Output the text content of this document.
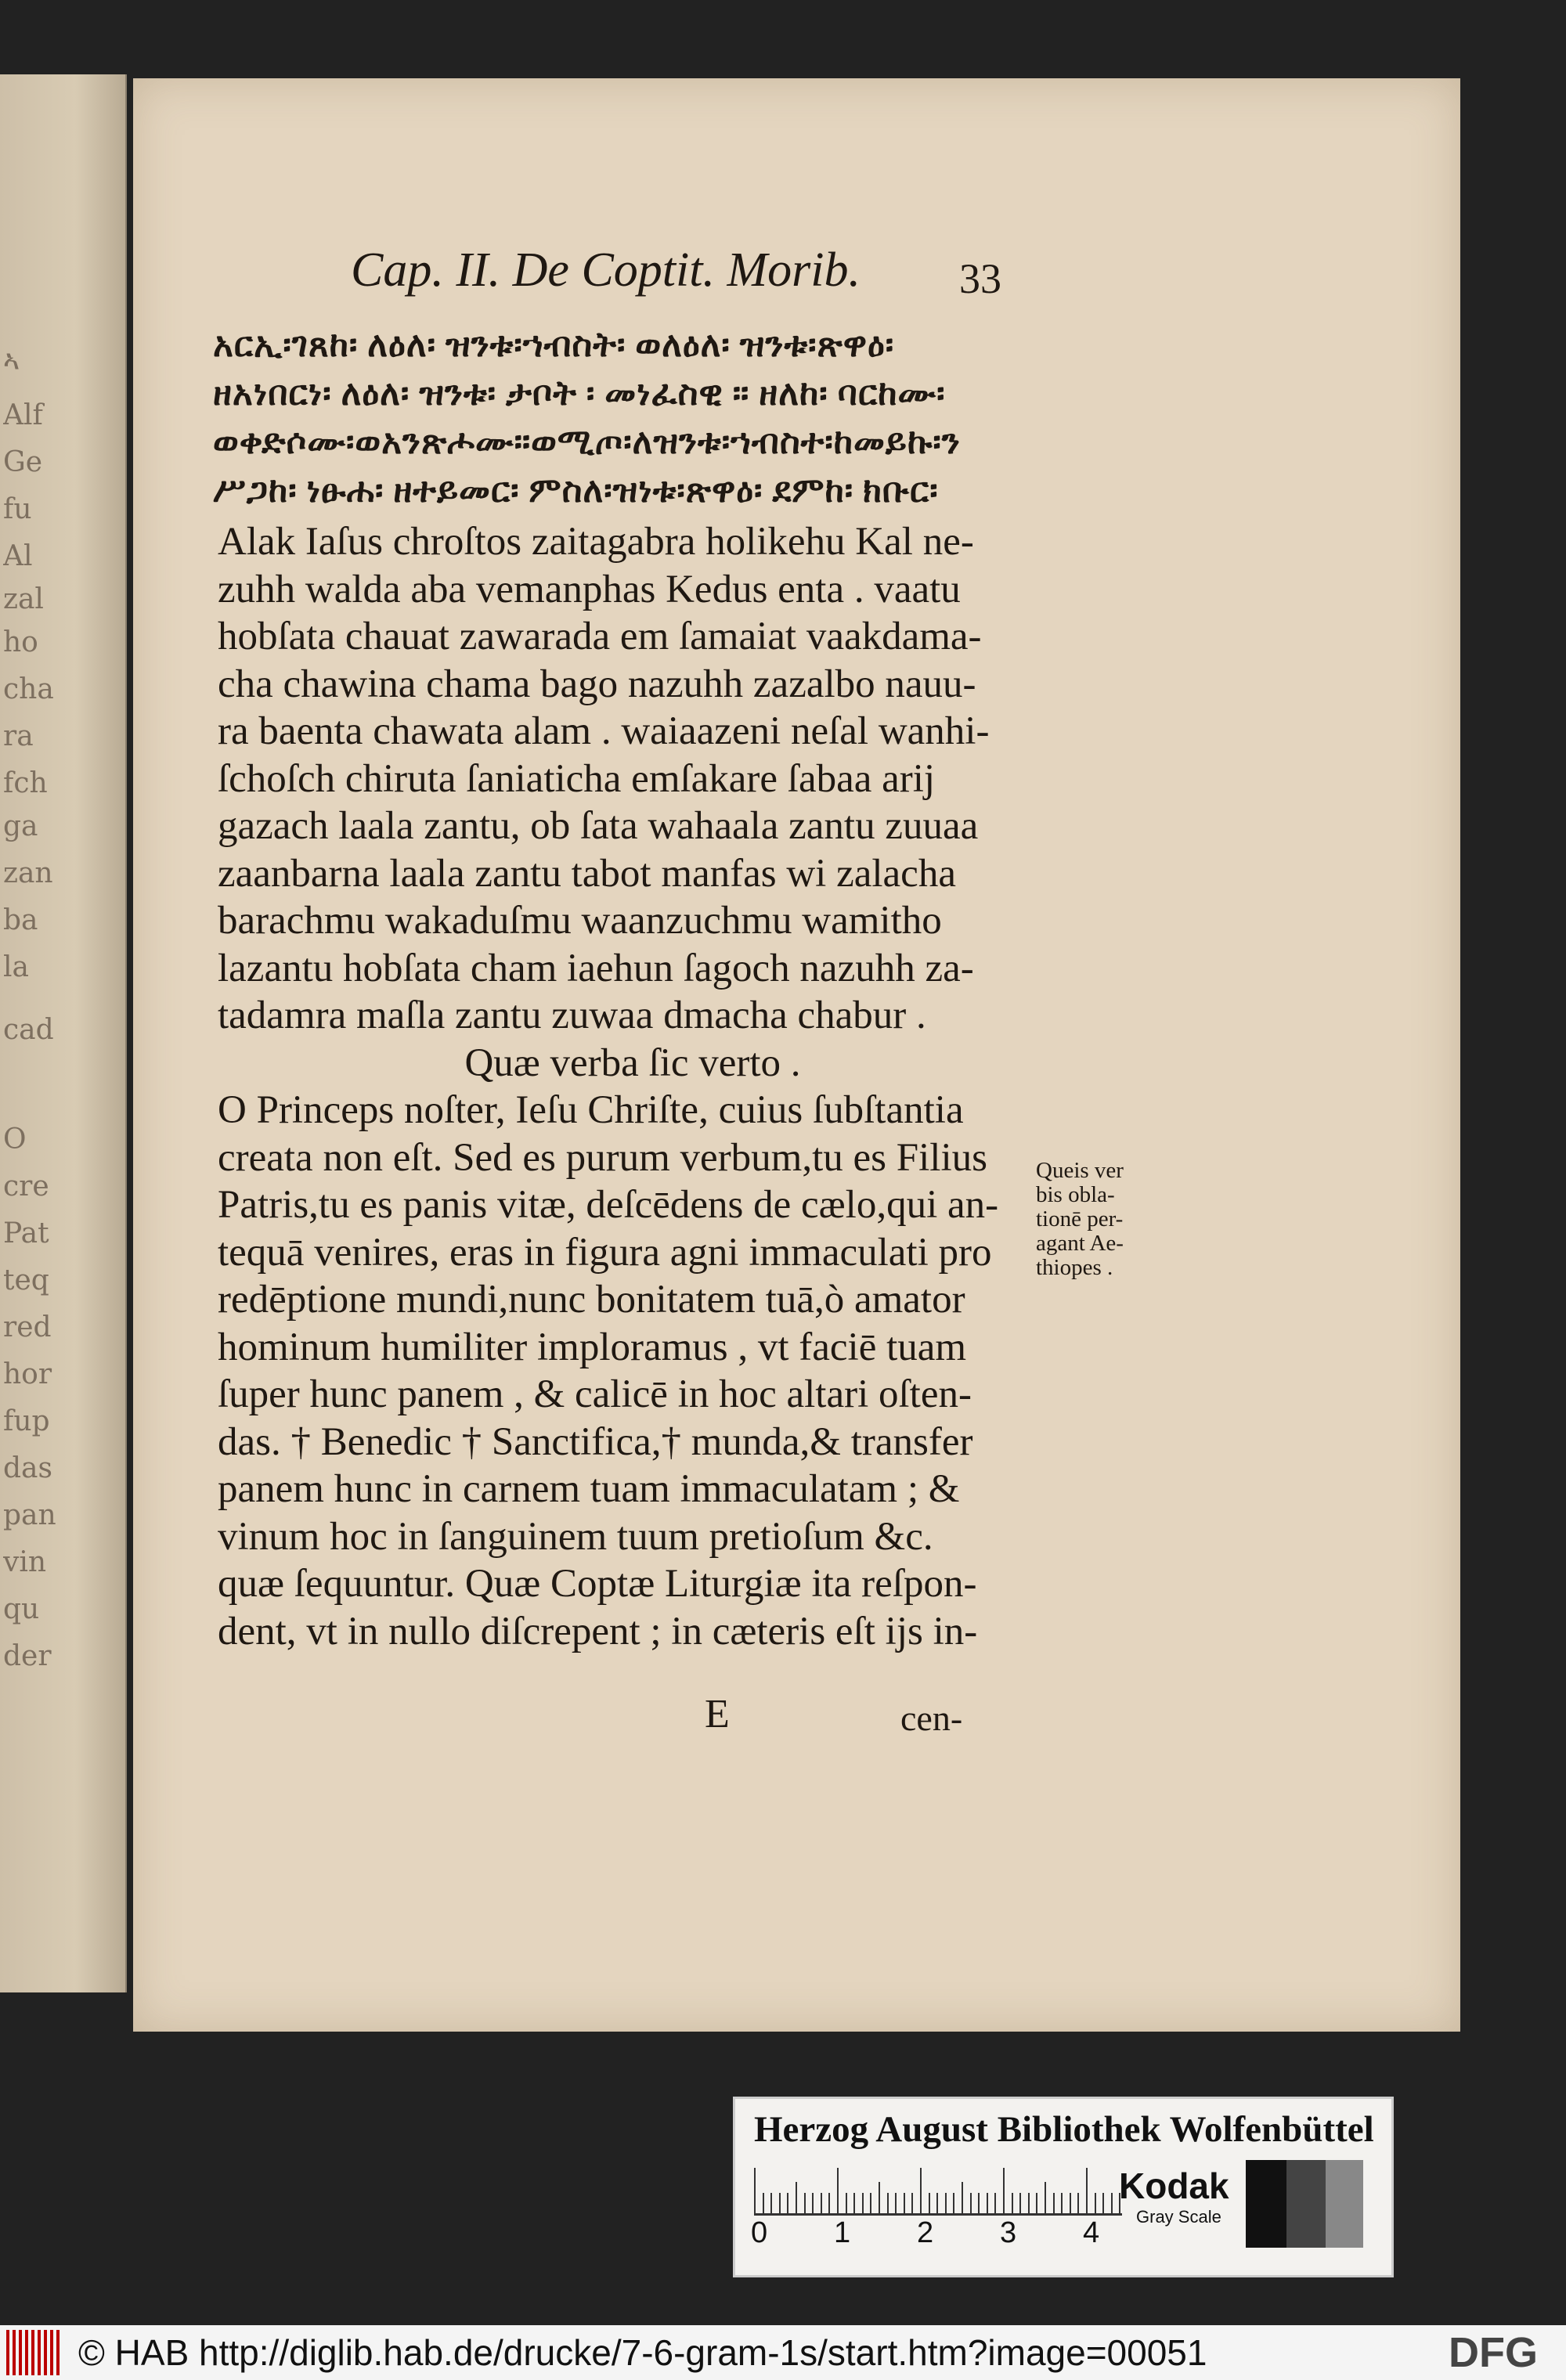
ኣ
Alf
Ge
fu
Al
zal
ho
cha
ra
fch
ga
zan
ba
la
cad
O
cre
Pat
teq
red
hor
fup
das
pan
vin
qu
der
Cap. II. De Coptit. Morib. 33
አርኢ፡ገጸከ፡ ለዕለ፡ ዝንቱ፡ኀብስት፡ ወለዕለ፡ ዝንቱ፡ጽዋዕ፡
ዘአነበርነ፡ ለዕለ፡ ዝንቱ፡ ታቦት ፡ መነፈስዊ ። ዘለከ፡ ባርከሙ፡
ወቀድሶሙ፡ወአንጽሖሙ።ወሚጦ፡ለዝንቱ፡ኀብስተ፡ከመይኩ፡ን
ሥጋከ፡ ነፁሐ፡ ዘተይመር፡ ምስለ፡ዝነቱ፡ጽዋዕ፡ ደምከ፡ ክቡር፡
Alak Iaſus chroſtos zaitagabra holikehu Kal ne-
zuhh walda aba vemanphas Kedus enta . vaatu
hobſata chauat zawarada em ſamaiat vaakdama-
cha chawina chama bago nazuhh zazalbo nauu-
ra baenta chawata alam . waiaazeni neſal wanhi-
ſchoſch chiruta ſaniaticha emſakare ſabaa arij
gazach laala zantu, ob ſata wahaala zantu zuuaa
zaanbarna laala zantu tabot manfas wi zalacha
barachmu wakaduſmu waanzuchmu wamitho
lazantu hobſata cham iaehun ſagoch nazuhh za-
tadamra maſla zantu zuwaa dmacha chabur .
Quæ verba ſic verto .
O Princeps noſter, Ieſu Chriſte, cuius ſubſtantia
creata non eſt. Sed es purum verbum,tu es Filius
Patris,tu es panis vitæ, deſcēdens de cælo,qui an-
tequā venires, eras in figura agni immaculati pro
redēptione mundi,nunc bonitatem tuā,ò amator
hominum humiliter imploramus , vt faciē tuam
ſuper hunc panem , & calicē in hoc altari oſten-
das. † Benedic † Sanctifica,† munda,& transfer
panem hunc in carnem tuam immaculatam ; &
vinum hoc in ſanguinem tuum pretioſum &c.
quæ ſequuntur. Quæ Coptæ Liturgiæ ita reſpon-
dent, vt in nullo diſcrepent ; in cæteris eſt ijs in-
Queis ver
bis obla-
tionē per-
agant Ae-
thiopes .
E	cen-
Herzog August Bibliothek Wolfenbüttel
0 1 2 3 4
Kodak
Gray Scale
© HAB http://diglib.hab.de/drucke/7-6-gram-1s/start.htm?image=00051	DFG
